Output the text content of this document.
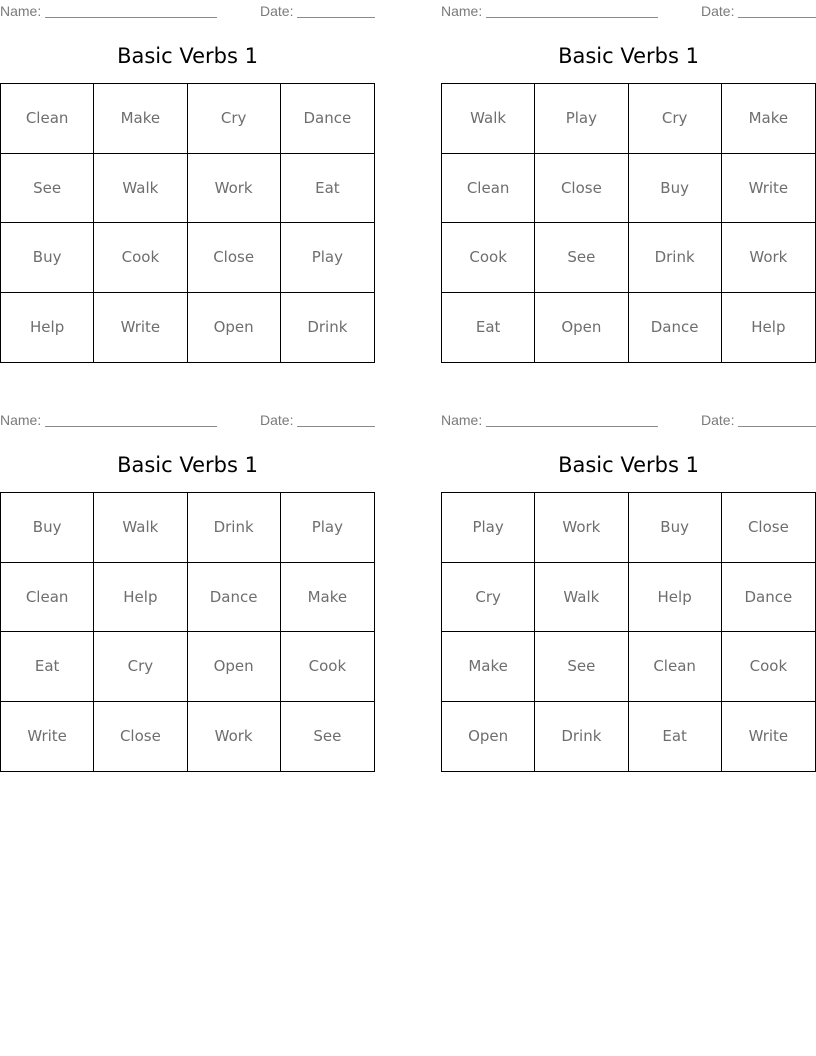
Name:	Date:
Basic Verbs 1
Clean	Make	Cry	Dance
See	Walk	Work	Eat
Buy	Cook	Close	Play
Help	Write	Open	Drink
Name:	Date:
Basic Verbs 1
Walk	Play	Cry	Make
Clean	Close	Buy	Write
Cook	See	Drink	Work
Eat	Open	Dance	Help
Name:	Date:
Basic Verbs 1
Buy	Walk	Drink	Play
Clean	Help	Dance	Make
Eat	Cry	Open	Cook
Write	Close	Work	See
Name:	Date:
Basic Verbs 1
Play	Work	Buy	Close
Cry	Walk	Help	Dance
Make	See	Clean	Cook
Open	Drink	Eat	Write
